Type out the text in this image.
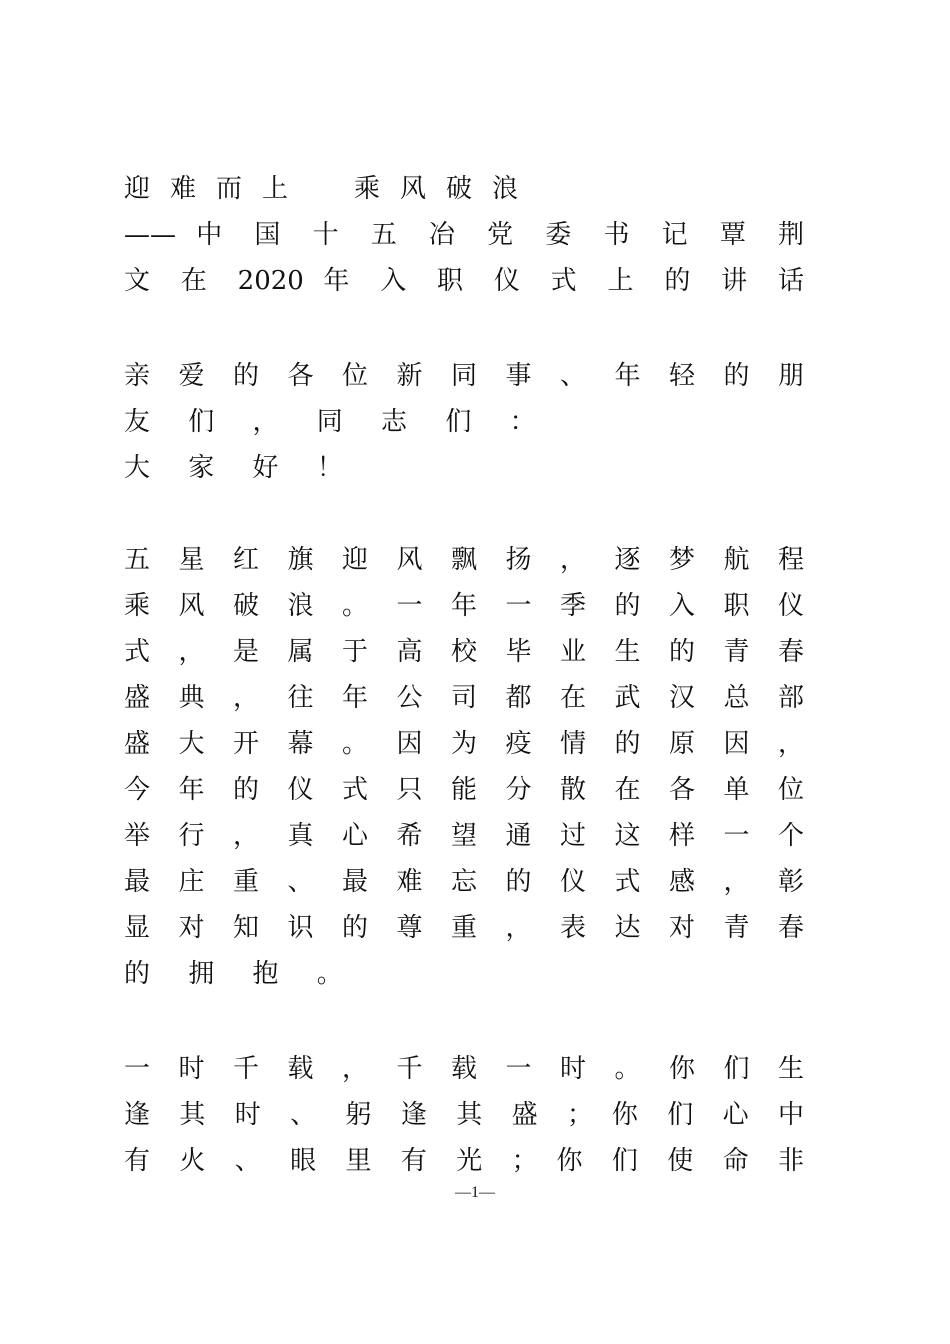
迎难而上　乘风破浪
—— 中 国 十 五 冶 党 委 书 记 覃 荆
文 在 2020 年 入 职 仪 式 上 的 讲 话
亲 爱 的 各 位 新 同 事 、 年 轻 的 朋
友 们 ， 同 志 们 ：
大 家 好 ！
五 星 红 旗 迎 风 飘 扬 ， 逐 梦 航 程
乘 风 破 浪 。 一 年 一 季 的 入 职 仪
式 ， 是 属 于 高 校 毕 业 生 的 青 春
盛 典 ， 往 年 公 司 都 在 武 汉 总 部
盛 大 开 幕 。 因 为 疫 情 的 原 因 ，
今 年 的 仪 式 只 能 分 散 在 各 单 位
举 行 ， 真 心 希 望 通 过 这 样 一 个
最 庄 重 、 最 难 忘 的 仪 式 感 ， 彰
显 对 知 识 的 尊 重 ， 表 达 对 青 春
的 拥 抱 。
一 时 千 载 ， 千 载 一 时 。 你 们 生
逢 其 时 、 躬 逢 其 盛 ； 你 们 心 中
有 火 、 眼 里 有 光 ； 你 们 使 命 非
—1—
